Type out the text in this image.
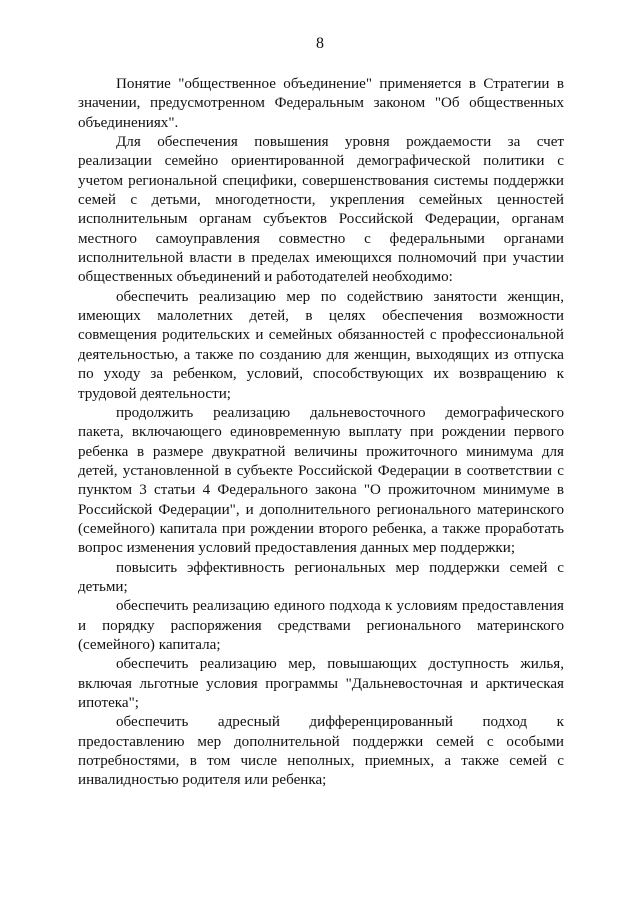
8

Понятие "общественное объединение" применяется в Стратегии в значении, предусмотренном Федеральным законом "Об общественных объединениях".

Для обеспечения повышения уровня рождаемости за счет реализации семейно ориентированной демографической политики с учетом региональной специфики, совершенствования системы поддержки семей с детьми, многодетности, укрепления семейных ценностей исполнительным органам субъектов Российской Федерации, органам местного самоуправления совместно с федеральными органами исполнительной власти в пределах имеющихся полномочий при участии общественных объединений и работодателей необходимо:

обеспечить реализацию мер по содействию занятости женщин, имеющих малолетних детей, в целях обеспечения возможности совмещения родительских и семейных обязанностей с профессиональной деятельностью, а также по созданию для женщин, выходящих из отпуска по уходу за ребенком, условий, способствующих их возвращению к трудовой деятельности;

продолжить реализацию дальневосточного демографического пакета, включающего единовременную выплату при рождении первого ребенка в размере двукратной величины прожиточного минимума для детей, установленной в субъекте Российской Федерации в соответствии с пунктом 3 статьи 4 Федерального закона "О прожиточном минимуме в Российской Федерации", и дополнительного регионального материнского (семейного) капитала при рождении второго ребенка, а также проработать вопрос изменения условий предоставления данных мер поддержки;

повысить эффективность региональных мер поддержки семей с детьми;

обеспечить реализацию единого подхода к условиям предоставления и порядку распоряжения средствами регионального материнского (семейного) капитала;

обеспечить реализацию мер, повышающих доступность жилья, включая льготные условия программы "Дальневосточная и арктическая ипотека";

обеспечить адресный дифференцированный подход к предоставлению мер дополнительной поддержки семей с особыми потребностями, в том числе неполных, приемных, а также семей с инвалидностью родителя или ребенка;
